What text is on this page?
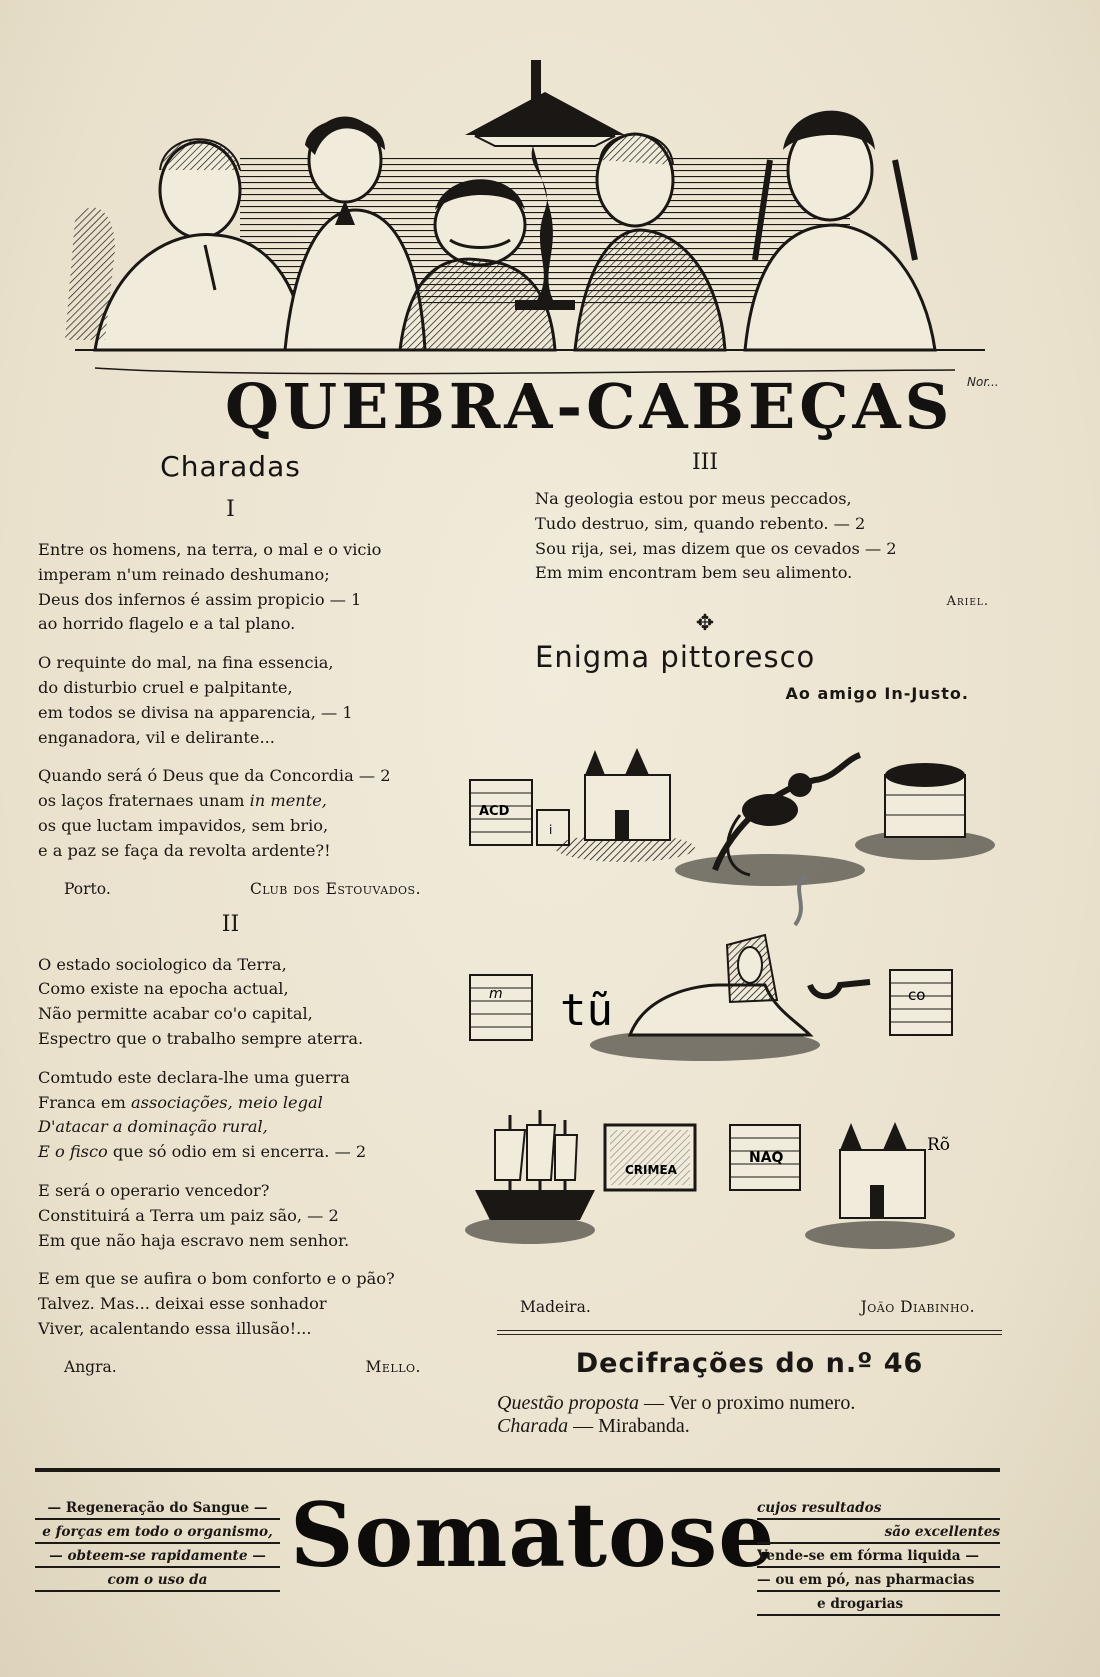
QUEBRA-CABEÇAS	Nor...
Charadas
I
Entre os homens, na terra, o mal e o vicio
imperam n'um reinado deshumano;
Deus dos infernos é assim propicio — 1
ao horrido flagelo e a tal plano.
O requinte do mal, na fina essencia,
do disturbio cruel e palpitante,
em todos se divisa na apparencia, — 1
enganadora, vil e delirante...
Quando será ó Deus que da Concordia — 2
os laços fraternaes unam in mente,
os que luctam impavidos, sem brio,
e a paz se faça da revolta ardente?!
Porto.	Club dos Estouvados.
II
O estado sociologico da Terra,
Como existe na epocha actual,
Não permitte acabar co'o capital,
Espectro que o trabalho sempre aterra.
Comtudo este declara-lhe uma guerra
Franca em associações, meio legal
D'atacar a dominação rural,
E o fisco que só odio em si encerra. — 2
E será o operario vencedor?
Constituirá a Terra um paiz são, — 2
Em que não haja escravo nem senhor.
E em que se aufira o bom conforto e o pão?
Talvez. Mas... deixai esse sonhador
Viver, acalentando essa illusão!...
Angra.	Mello.
III
Na geologia estou por meus peccados,
Tudo destruo, sim, quando rebento. — 2
Sou rija, sei, mas dizem que os cevados — 2
Em mim encontram bem seu alimento.
Ariel.
✥
Enigma pittoresco
Ao amigo In-Justo.
ACD
i
m tũ	co
CRIMEA
NAQ
Rõ
Madeira.	João Diabinho.
Decifrações do n.º 46
Questão proposta — Ver o proximo numero.
Charada — Mirabanda.
— Regeneração do Sangue —
e forças em todo o organismo,
— obteem-se rapidamente —
com o uso da Somatose
cujos resultados
são excellentes
Vende-se em fórma liquida —
— ou em pó, nas pharmacias
e drogarias
